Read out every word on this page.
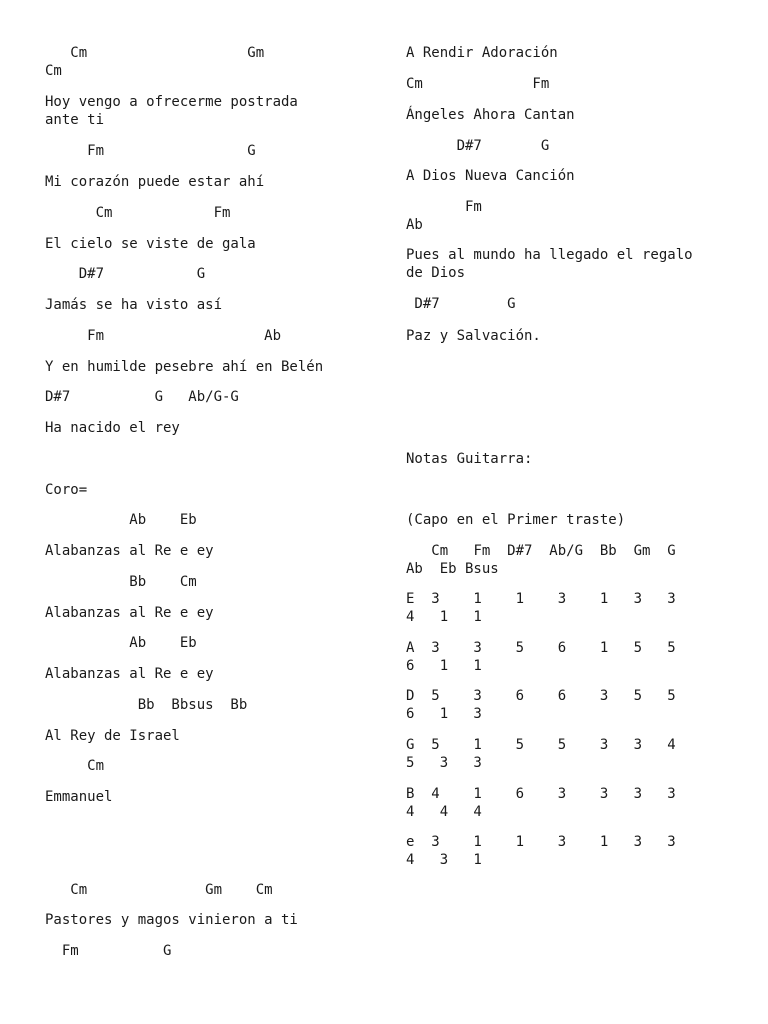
Cm                   Gm
Cm
Hoy vengo a ofrecerme postrada
ante ti
Fm                 G
Mi corazón puede estar ahí
Cm            Fm
El cielo se viste de gala
D#7           G
Jamás se ha visto así
Fm                   Ab
Y en humilde pesebre ahí en Belén
D#7          G   Ab/G-G
Ha nacido el rey
Coro=
Ab    Eb
Alabanzas al Re e ey
Bb    Cm
Alabanzas al Re e ey
Ab    Eb
Alabanzas al Re e ey
Bb  Bbsus  Bb
Al Rey de Israel
Cm
Emmanuel
Cm              Gm    Cm
Pastores y magos vinieron a ti
Fm          G
A Rendir Adoración
Cm             Fm
Ángeles Ahora Cantan
D#7       G
A Dios Nueva Canción
Fm
Ab
Pues al mundo ha llegado el regalo
de Dios
D#7        G
Paz y Salvación.
Notas Guitarra:
(Capo en el Primer traste)
Cm   Fm  D#7  Ab/G  Bb  Gm  G
Ab  Eb Bsus
E  3    1    1    3    1   3   3
4   1   1
A  3    3    5    6    1   5   5
6   1   1
D  5    3    6    6    3   5   5
6   1   3
G  5    1    5    5    3   3   4
5   3   3
B  4    1    6    3    3   3   3
4   4   4
e  3    1    1    3    1   3   3
4   3   1
